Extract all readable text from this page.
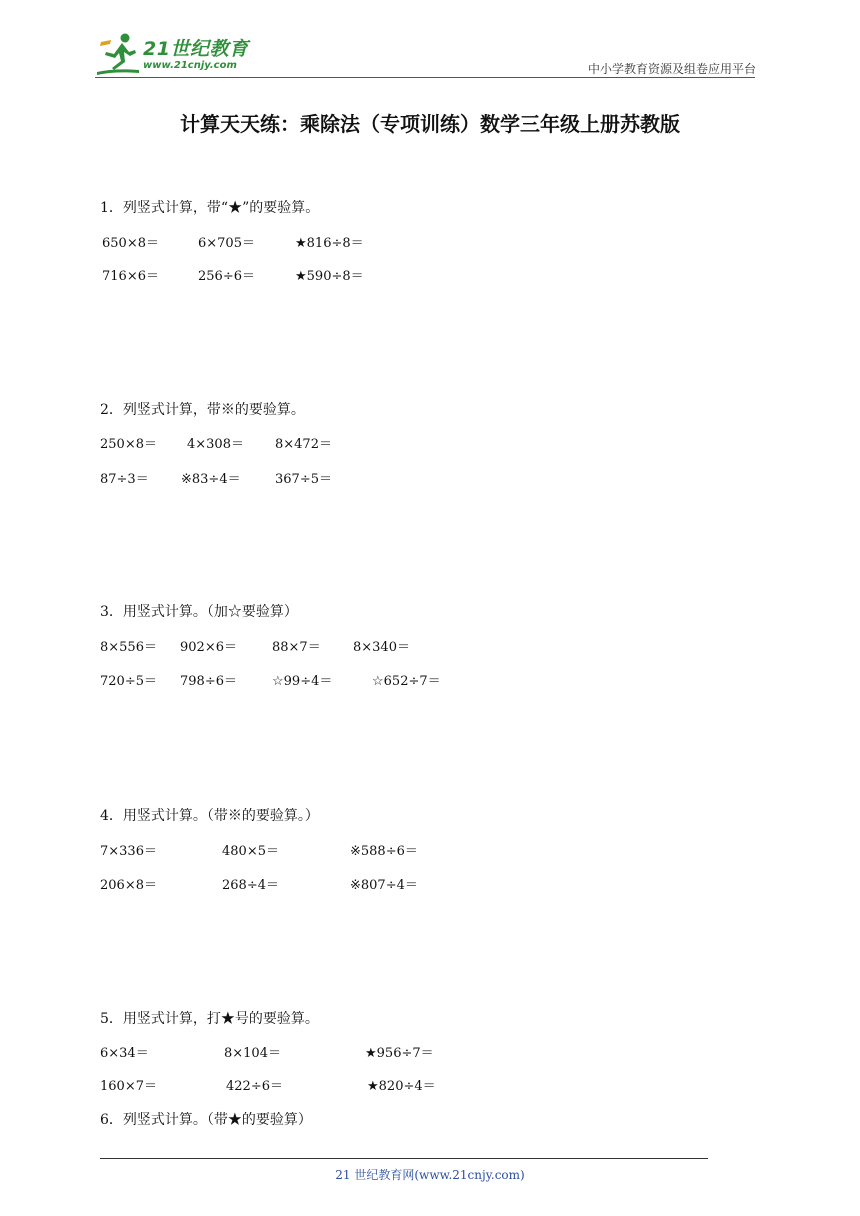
21世纪教育
www.21cnjy.com	中小学教育资源及组卷应用平台
计算天天练：乘除法（专项训练）数学三年级上册苏教版
1．列竖式计算，带“★”的要验算。
650×8＝	6×705＝	★816÷8＝
716×6＝	256÷6＝	★590÷8＝
2．列竖式计算，带※的要验算。
250×8＝ 4×308＝ 8×472＝
87÷3＝ ※83÷4＝	367÷5＝
3．用竖式计算。（加☆要验算）
8×556＝ 902×6＝	88×7＝ 8×340＝
720÷5＝ 798÷6＝	☆99÷4＝	☆652÷7＝
4．用竖式计算。（带※的要验算。）
7×336＝	480×5＝	※588÷6＝
206×8＝	268÷4＝	※807÷4＝
5．用竖式计算，打★号的要验算。
6×34＝	8×104＝	★956÷7＝
160×7＝	422÷6＝	★820÷4＝
6．列竖式计算。（带★的要验算）
21 世纪教育网(www.21cnjy.com)
